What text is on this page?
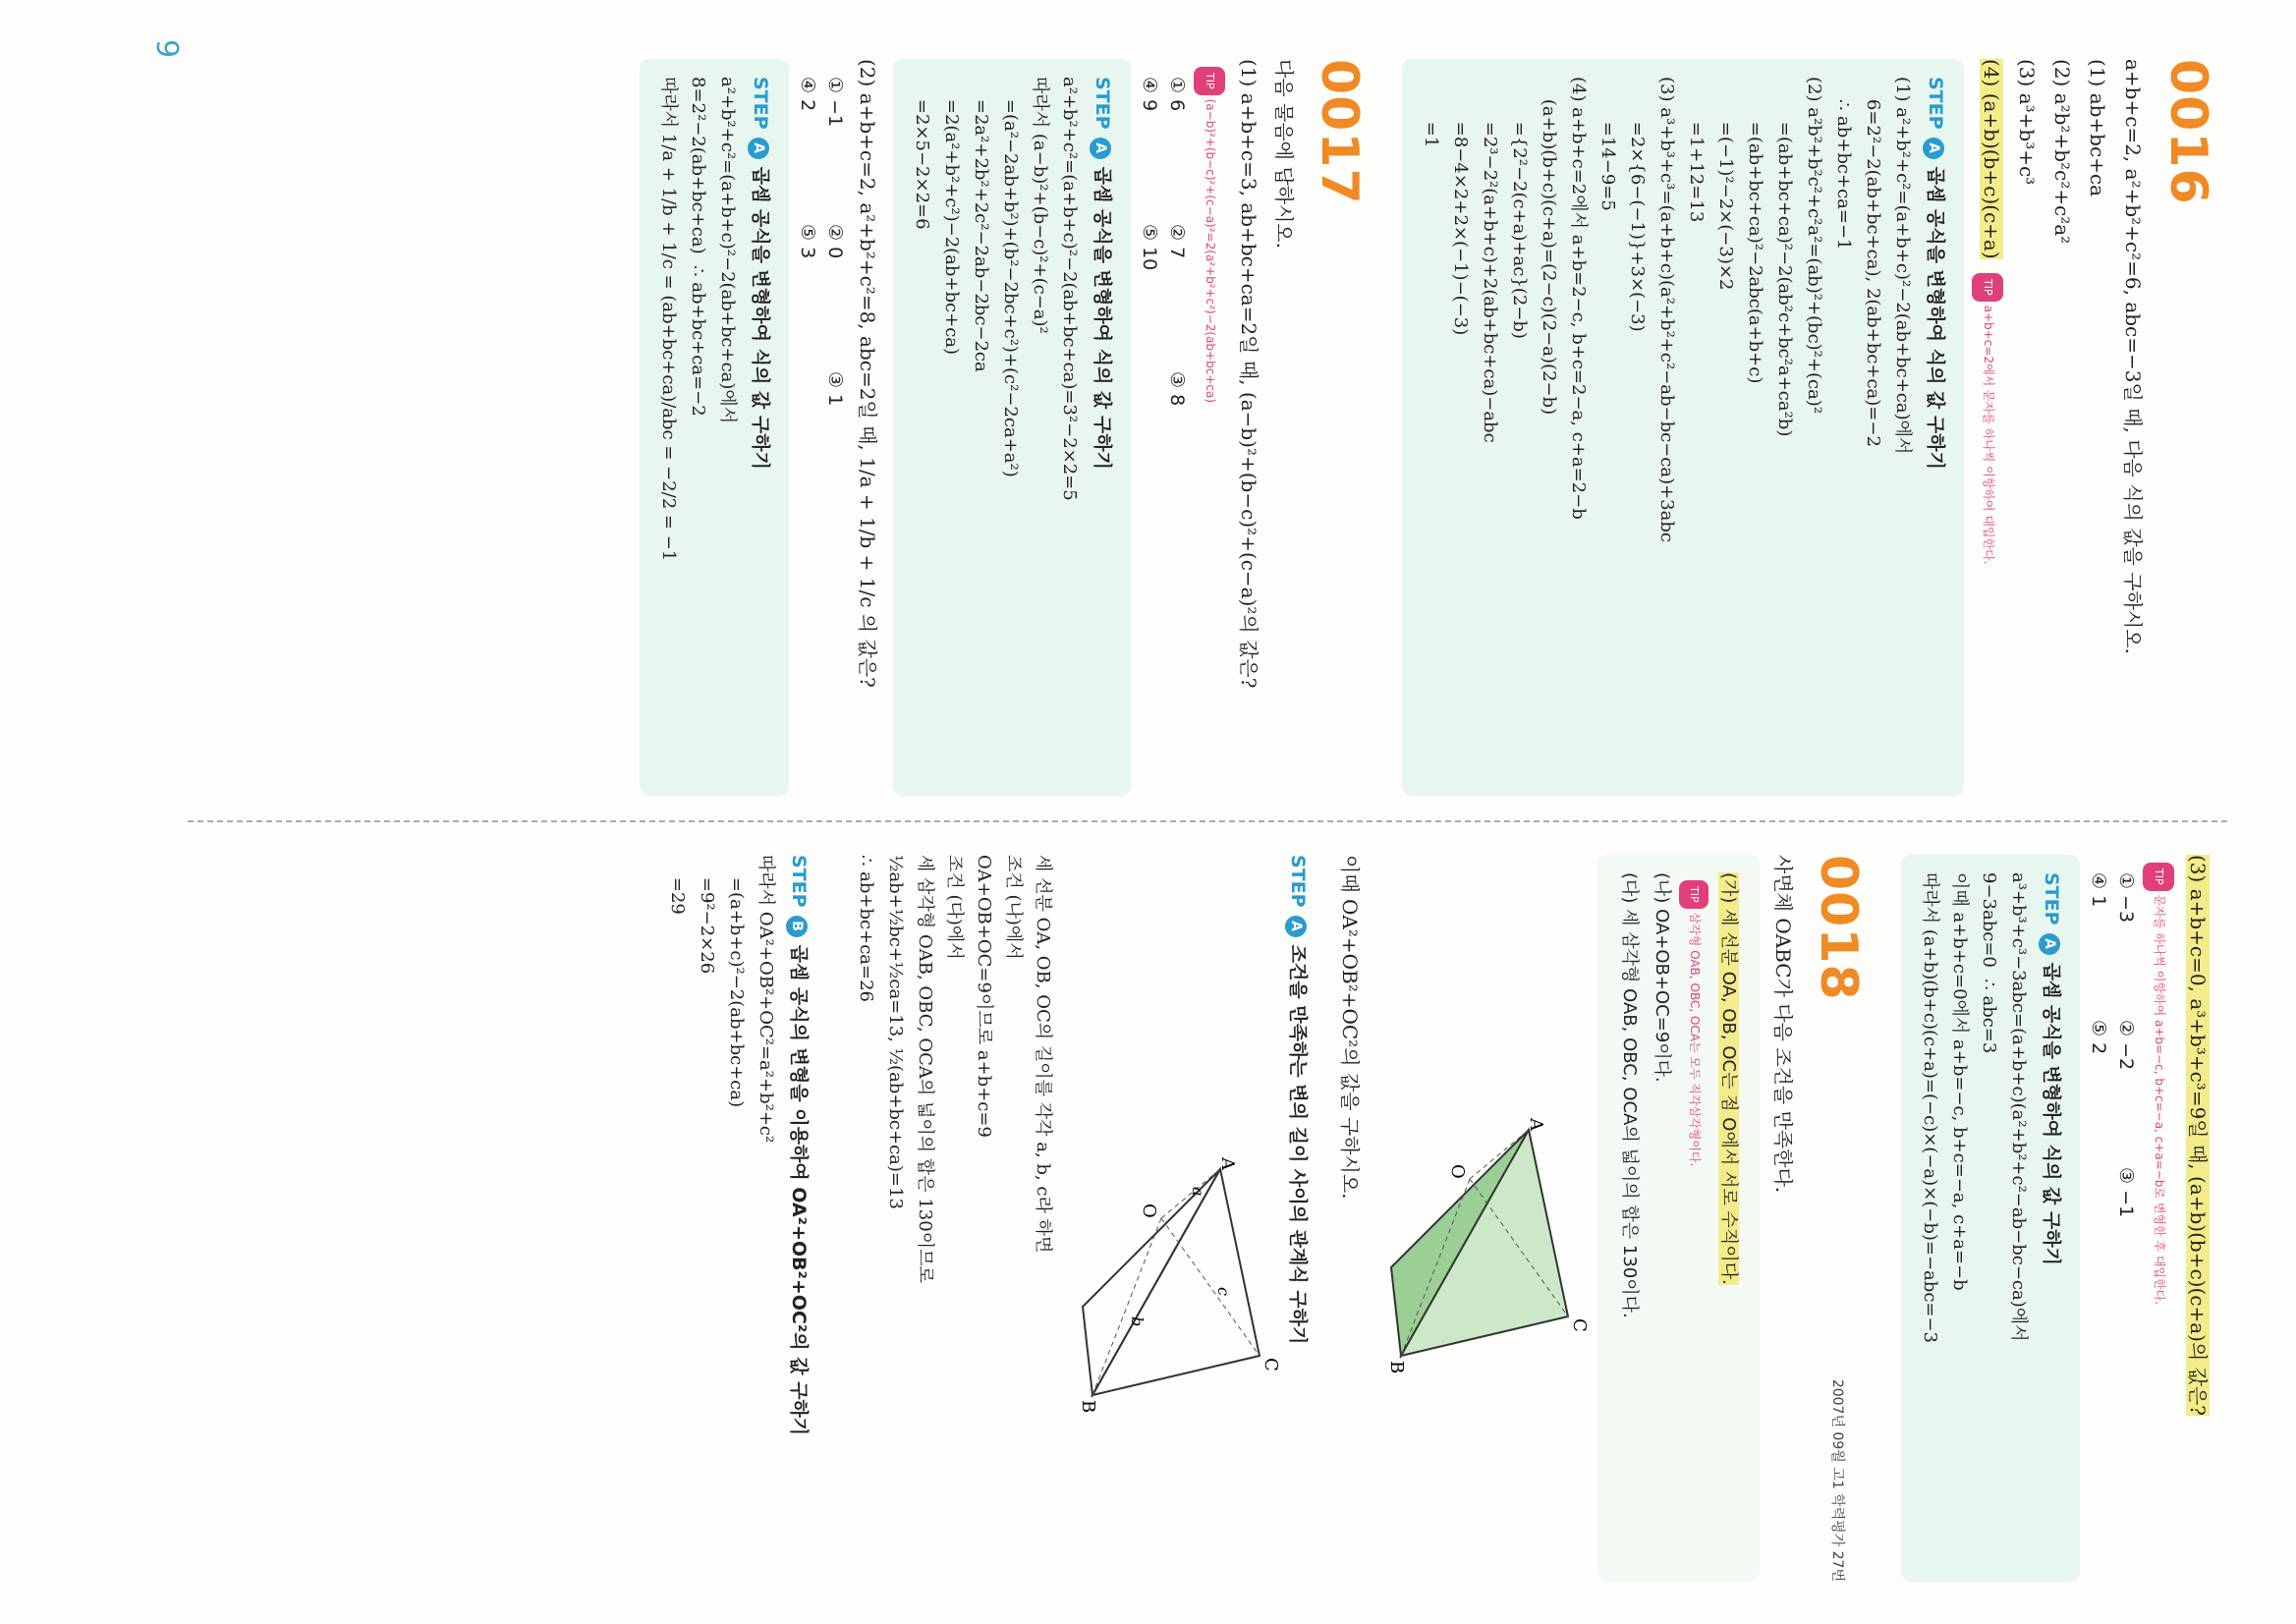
9
0016
a+b+c=2, a²+b²+c²=6, abc=−3일 때, 다음 식의 값을 구하시오.
(1) ab+bc+ca
(2) a²b²+b²c²+c²a²
(3) a³+b³+c³
(4) (a+b)(b+c)(c+a) TIPa+b+c=2에서 문자를 하나씩 이항하여 대입한다.
STEPA곱셈 공식을 변형하여 식의 값 구하기
(1) a²+b²+c²=(a+b+c)²−2(ab+bc+ca)에서
6=2²−2(ab+bc+ca), 2(ab+bc+ca)=−2
∴ ab+bc+ca=−1
(2) a²b²+b²c²+c²a²=(ab)²+(bc)²+(ca)²
=(ab+bc+ca)²−2(ab²c+bc²a+ca²b)
=(ab+bc+ca)²−2abc(a+b+c)
=(−1)²−2×(−3)×2
=1+12=13
(3) a³+b³+c³=(a+b+c)(a²+b²+c²−ab−bc−ca)+3abc
=2×{6−(−1)}+3×(−3)
=14−9=5
(4) a+b+c=2에서 a+b=2−c, b+c=2−a, c+a=2−b
(a+b)(b+c)(c+a)=(2−c)(2−a)(2−b)
={2²−2(c+a)+ac}(2−b)
=2³−2²(a+b+c)+2(ab+bc+ca)−abc
=8−4×2+2×(−1)−(−3)
=1
0017
다음 물음에 답하시오.
(1) a+b+c=3, ab+bc+ca=2일 때, (a−b)²+(b−c)²+(c−a)²의 값은?
TIP(a−b)²+(b−c)²+(c−a)²=2(a²+b²+c²)−2(ab+bc+ca)
① 6
② 7
③ 8
④ 9
⑤ 10
STEPA곱셈 공식을 변형하여 식의 값 구하기
a²+b²+c²=(a+b+c)²−2(ab+bc+ca)=3²−2×2=5
따라서 (a−b)²+(b−c)²+(c−a)²
=(a²−2ab+b²)+(b²−2bc+c²)+(c²−2ca+a²)
=2a²+2b²+2c²−2ab−2bc−2ca
=2(a²+b²+c²)−2(ab+bc+ca)
=2×5−2×2=6
(2) a+b+c=2, a²+b²+c²=8, abc=2일 때, 1/a + 1/b + 1/c 의 값은?
① −1
② 0
③ 1
④ 2
⑤ 3
STEPA곱셈 공식을 변형하여 식의 값 구하기
a²+b²+c²=(a+b+c)²−2(ab+bc+ca)에서
8=2²−2(ab+bc+ca)  ∴ ab+bc+ca=−2
따라서 1/a + 1/b + 1/c = (ab+bc+ca)/abc = −2/2 = −1
(3) a+b+c=0, a³+b³+c³=9일 때, (a+b)(b+c)(c+a)의 값은?
TIP문자를 하나씩 이항하여 a+b=−c, b+c=−a, c+a=−b로 변형한 후 대입한다.
① −3
② −2
③ −1
④ 1
⑤ 2
STEPA곱셈 공식을 변형하여 식의 값 구하기
a³+b³+c³−3abc=(a+b+c)(a²+b²+c²−ab−bc−ca)에서
9−3abc=0  ∴ abc=3
이때 a+b+c=0에서 a+b=−c, b+c=−a, c+a=−b
따라서 (a+b)(b+c)(c+a)=(−c)×(−a)×(−b)=−abc=−3
2007년 09월 고1 학력평가 27번
0018
사면체 OABC가 다음 조건을 만족한다.
(가) 세 선분 OA, OB, OC는 점 O에서 서로 수직이다.
TIP삼각형 OAB, OBC, OCA는 모두 직각삼각형이다.
(나) OA+OB+OC=9이다.
(다) 세 삼각형 OAB, OBC, OCA의 넓이의 합은 130이다.
A
B
C
O
이때 OA²+OB²+OC²의 값을 구하시오.
STEPA조건을 만족하는 변의 길이 사이의 관계식 구하기
A
B
C
O
a
b
c
세 선분 OA, OB, OC의 길이를 각각 a, b, c라 하면
조건 (나)에서
OA+OB+OC=9이므로 a+b+c=9
조건 (다)에서
세 삼각형 OAB, OBC, OCA의 넓이의 합은 130이므로
½ab+½bc+½ca=13, ½(ab+bc+ca)=13
∴ ab+bc+ca=26
STEPB곱셈 공식의 변형을 이용하여 OA²+OB²+OC²의 값 구하기
따라서 OA²+OB²+OC²=a²+b²+c²
=(a+b+c)²−2(ab+bc+ca)
=9²−2×26
=29
